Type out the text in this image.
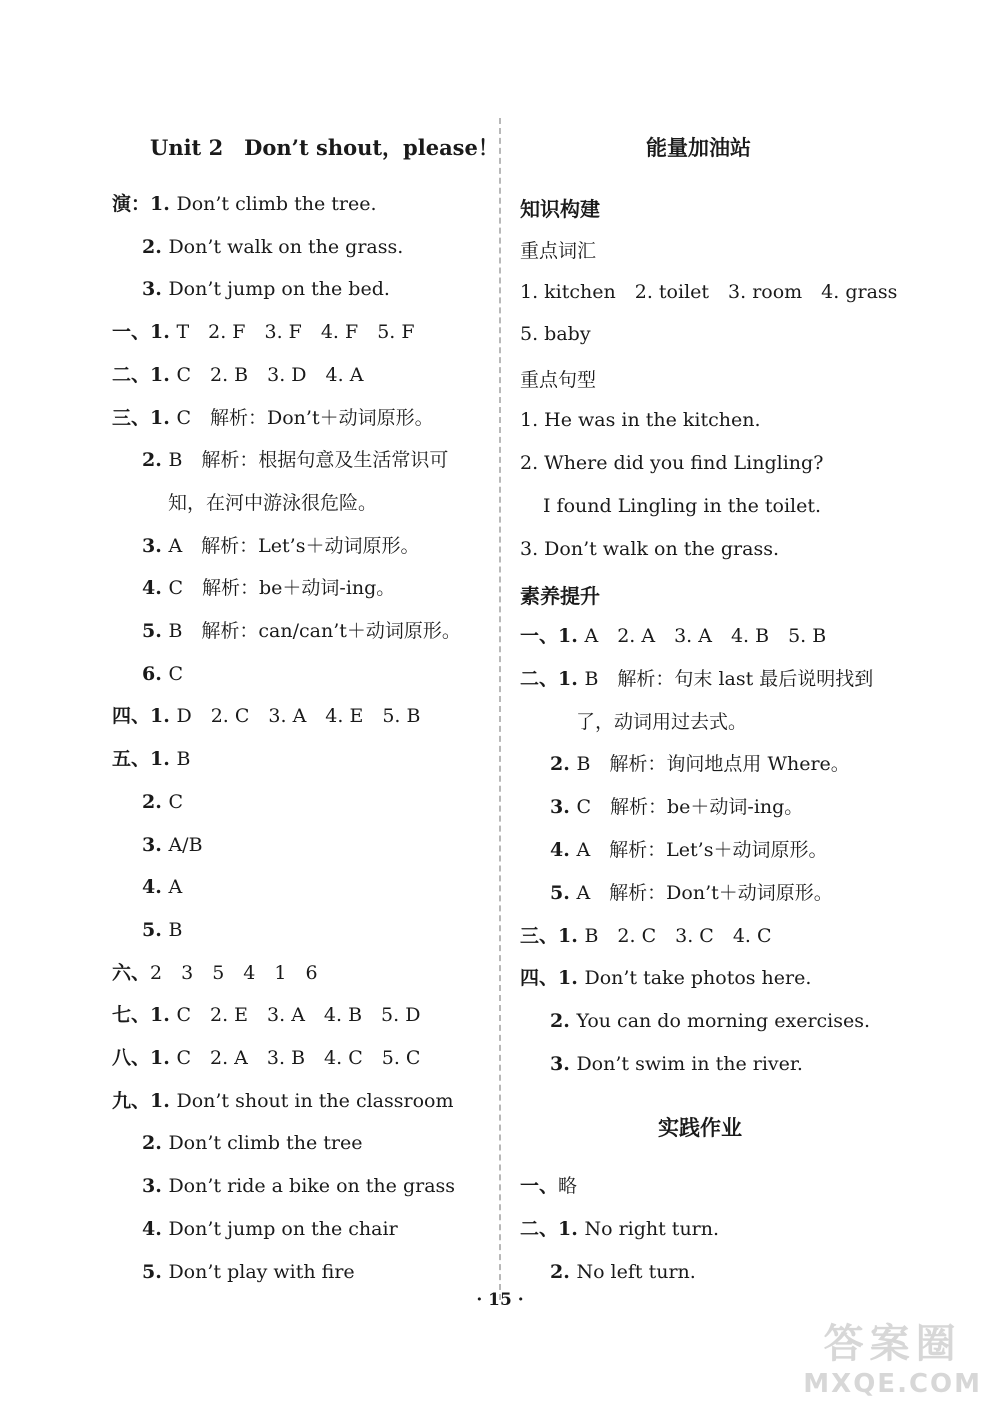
Unit 2　Don’t shout，please！
演：1. Don’t climb the tree.
2. Don’t walk on the grass.
3. Don’t jump on the bed.
一、1. T　2. F　3. F　4. F　5. F
二、1. C　2. B　3. D　4. A
三、1. C　解析：Don’t＋动词原形。
2. B　解析：根据句意及生活常识可
知，在河中游泳很危险。
3. A　解析：Let’s＋动词原形。
4. C　解析：be＋动词-ing。
5. B　解析：can/can’t＋动词原形。
6. C
四、1. D　2. C　3. A　4. E　5. B
五、1. B
2. C
3. A/B
4. A
5. B
六、2　3　5　4　1　6
七、1. C　2. E　3. A　4. B　5. D
八、1. C　2. A　3. B　4. C　5. C
九、1. Don’t shout in the classroom
2. Don’t climb the tree
3. Don’t ride a bike on the grass
4. Don’t jump on the chair
5. Don’t play with fire
能量加油站
知识构建
重点词汇
1. kitchen　2. toilet　3. room　4. grass
5. baby
重点句型
1. He was in the kitchen.
2. Where did you find Lingling?
I found Lingling in the toilet.
3. Don’t walk on the grass.
素养提升
一、1. A　2. A　3. A　4. B　5. B
二、1. B　解析：句末 last 最后说明找到
了，动词用过去式。
2. B　解析：询问地点用 Where。
3. C　解析：be＋动词-ing。
4. A　解析：Let’s＋动词原形。
5. A　解析：Don’t＋动词原形。
三、1. B　2. C　3. C　4. C
四、1. Don’t take photos here.
2. You can do morning exercises.
3. Don’t swim in the river.
实践作业
一、略
二、1. No right turn.
2. No left turn.
· 15 ·
答案圈
MXQE.COM
